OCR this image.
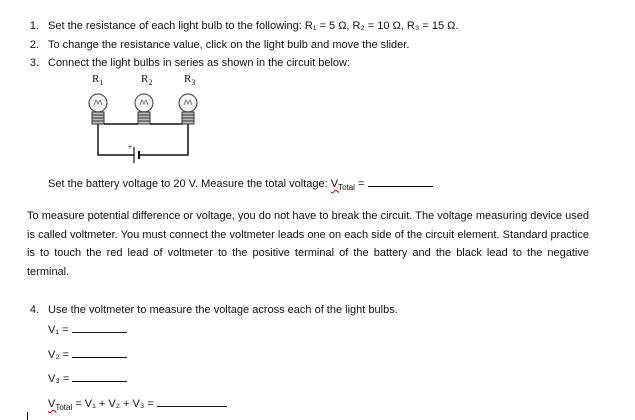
1. Set the resistance of each light bulb to the following: R₁ = 5 Ω, R₂ = 10 Ω, R₃ = 15 Ω.
2. To change the resistance value, click on the light bulb and move the slider.
3. Connect the light bulbs in series as shown in the circuit below:
$R_1$	$R_2$	$R_3$
+
Set the battery voltage to 20 V. Measure the total voltage: $V_{Total}$ =
To measure potential difference or voltage, you do not have to break the circuit. The voltage measuring device used is called voltmeter. You must connect the voltmeter leads one on each side of the circuit element. Standard practice is to touch the red lead of voltmeter to the positive terminal of the battery and the black lead to the negative terminal.
4. Use the voltmeter to measure the voltage across each of the light bulbs.
V₁ =
V₂ =
V₃ =
$V_{Total} = V_1 + V_2 + V_3$ =
